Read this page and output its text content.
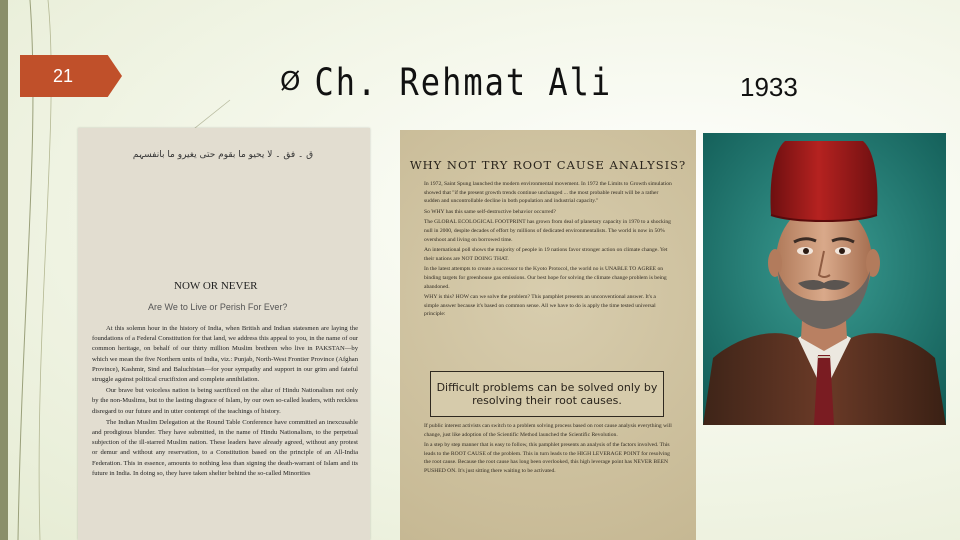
21	Ø Ch. Rehmat Ali	1933
ق ۔ فق ۔ لا یحیو ما بقوم حتی یغیرو ما بانفسہم
NOW OR NEVER
Are We to Live or Perish For Ever?

At this solemn hour in the history of India, when British and Indian statesmen are laying the foundations of a Federal Constitution for that land, we address this appeal to you, in the name of our common heritage, on behalf of our thirty million Muslim brethren who live in PAKSTAN—by which we mean the five Northern units of India, viz.: Punjab, North-West Frontier Province (Afghan Province), Kashmir, Sind and Baluchistan—for your sympathy and support in our grim and fateful struggle against political crucifixion and complete annihilation.

Our brave but voiceless nation is being sacrificed on the altar of Hindu Nationalism not only by the non-Muslims, but to the lasting disgrace of Islam, by our own so-called leaders, with reckless disregard to our future and in utter contempt of the teachings of history.

The Indian Muslim Delegation at the Round Table Conference have committed an inexcusable and prodigious blunder. They have submitted, in the name of Hindu Nationalism, to the perpetual subjection of the ill-starred Muslim nation. These leaders have already agreed, without any protest or demur and without any reservation, to a Constitution based on the principle of an All-India Federation. This in essence, amounts to nothing less than signing the death-warrant of Islam and its future in India. In doing so, they have taken shelter behind the so-called Minorities

WHY NOT TRY ROOT CAUSE ANALYSIS?

In 1972, Saint Spung launched the modern environmental movement. In 1972 the Limits to Growth simulation showed that "if the present growth trends continue unchanged ... the most probable result will be a rather sudden and uncontrollable decline in both population and industrial capacity."

So WHY has this same self-destructive behavior occurred?

The GLOBAL ECOLOGICAL FOOTPRINT has grown from deal of planetary capacity in 1970 to a shocking null in 2000, despite decades of effort by millions of dedicated environmentalists. The world is now in 50% overshoot and living on borrowed time.

An international poll shows the majority of people in 19 nations favor stronger action on climate change. Yet their nations are NOT DOING THAT.

In the latest attempts to create a successor to the Kyoto Protocol, the world no is UNABLE TO AGREE on binding targets for greenhouse gas emissions. Our best hope for solving the climate change problem is being abandoned.

WHY is this? HOW can we solve the problem? This pamphlet presents an unconventional answer. It's a simple answer because it's based on common sense. All we have to do is apply the time tested universal principle:

Difficult problems can be solved only by
resolving their root causes.

If public interest activists can switch to a problem solving process based on root cause analysis everything will change, just like adoption of the Scientific Method launched the Scientific Revolution.

In a step by step manner that is easy to follow, this pamphlet presents an analysis of the factors involved. This leads to the ROOT CAUSE of the problem. This in turn leads to the HIGH LEVERAGE POINT for resolving the root cause. Because the root cause has long been overlooked, this high leverage point has NEVER BEEN PUSHED ON. It's just sitting there waiting to be activated.
